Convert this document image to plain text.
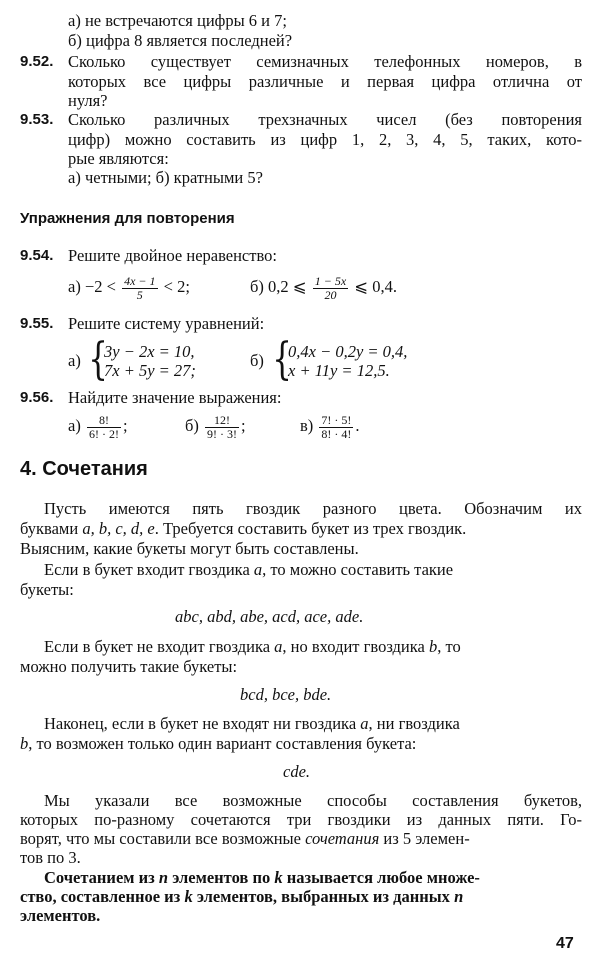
а) не встречаются цифры 6 и 7;
б) цифра 8 является последней?
9.52. Сколько существует семизначных телефонных номеров, в
которых все цифры различные и первая цифра отлична от
нуля?
9.53. Сколько различных трехзначных чисел (без повторения
цифр) можно составить из цифр 1, 2, 3, 4, 5, таких, кото-
рые являются:
а) четными; б) кратными 5?
Упражнения для повторения
9.54. Решите двойное неравенство:
$а) -2 < \frac{4x - 1}{5} < 2$;	б) 0,2 ⩽ $\frac{1 - 5x}{20}$ ⩽ 0,4.
9.55. Решите систему уравнений:
а) {
3y − 2x = 10,
7x + 5y = 27;
б) {
0,4x − 0,2y = 0,4,
x + 11y = 12,5.
9.56. Найдите значение выражения:
$а) \frac{8!}{6! \cdot 2!}$ ;	$б) \frac{12!}{9! \cdot 3!}$ ;	$в) \frac{7! \cdot 5!}{8! \cdot 4!}$ .
4. Сочетания
Пусть имеются пять гвоздик разного цвета. Обозначим их
буквами a, b, c, d, e. Требуется составить букет из трех гвоздик.
Выясним, какие букеты могут быть составлены.
Если в букет входит гвоздика a, то можно составить такие
букеты:
abc, abd, abe, acd, ace, ade.
Если в букет не входит гвоздика a, но входит гвоздика b, то
можно получить такие букеты:
bcd, bce, bde.
Наконец, если в букет не входят ни гвоздика a, ни гвоздика
b, то возможен только один вариант составления букета:
cde.
Мы указали все возможные способы составления букетов,
которых по-разному сочетаются три гвоздики из данных пяти. Го-
ворят, что мы составили все возможные сочетания из 5 элемен-
тов по 3.
Сочетанием из n элементов по k называется любое множе-
ство, составленное из k элементов, выбранных из данных n
элементов.
47
